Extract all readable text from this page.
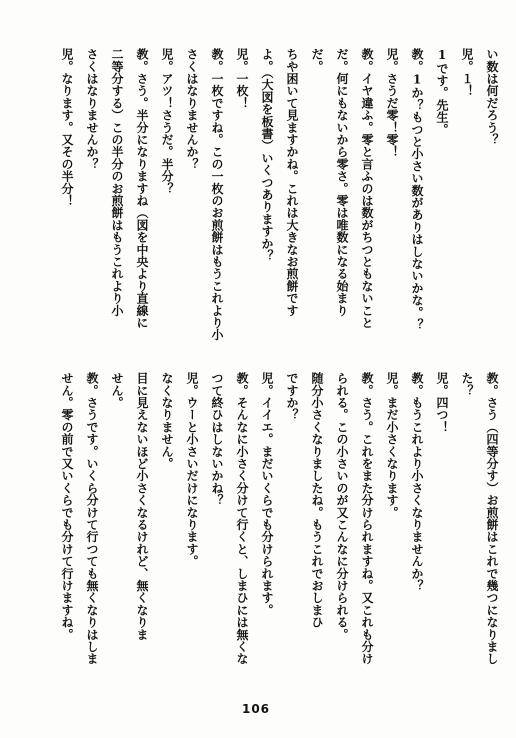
い数は何だろう？
児。１！
1です。先生。
教。1か？もつと小さい数がありはしないかな。？
児。さうだ零！零！
教。イヤ違ふ。零と言ふのは数がちつともないこと
だ。何にもないから零さ。零は唯数になる始まり
だ。
ちや困いて見ますかね。これは大きなお煎餅です
よ。（大図を板書）いくつありますか？
児。一枚！
教。一枚ですね。この一枚のお煎餅はもうこれより小
さくはなりませんか？
児。アツ！さうだ。半分？
教。さう。半分になりますね（図を中央より直線に
二等分する）この半分のお煎餅はもうこれより小
さくはなりませんか？
児。なります。又その半分！
教。さう（四等分す）お煎餅はこれで幾つになりまし
た？
児。四つ！
教。もうこれより小さくなりませんか？
児。まだ小さくなります。
教。さう。これをまた分けられますね。又これも分け
られる。この小さいのが又こんなに分けられる。
随分小さくなりましたね。もうこれでおしまひ
ですか？
児。イイエ。まだいくらでも分けられます。
教。そんなに小さく分けて行くと、しまひには無くな
つて終ひはしないかね？
児。ウーと小さいだけになります。
なくなりません。
目に見えないほど小さくなるけれど、無くなりま
せん。
教。さうです。いくら分けて行つても無くなりはしま
せん。零の前で又いくらでも分けて行けますね。
106
